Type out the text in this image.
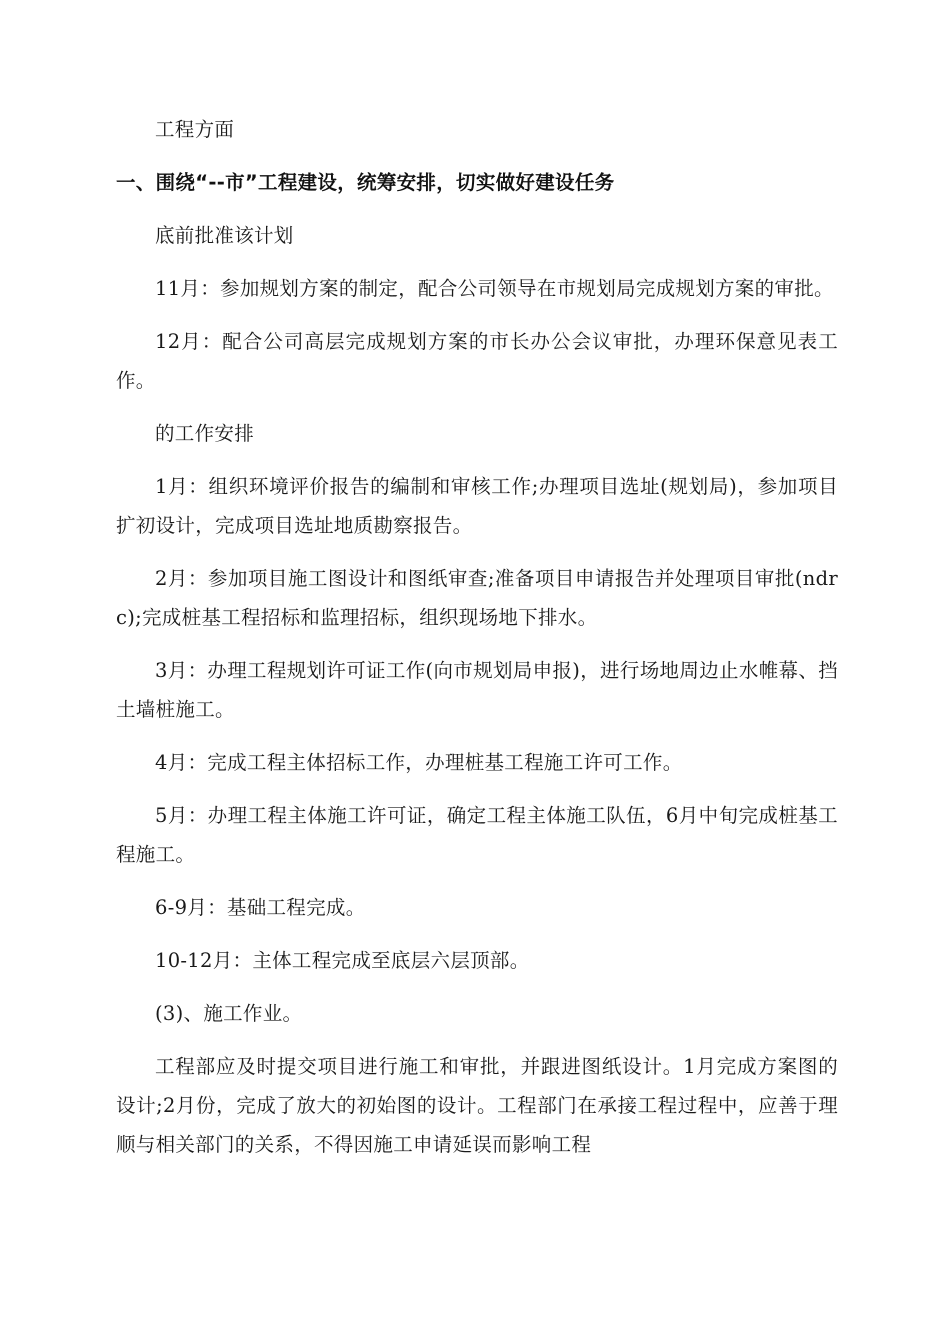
工程方面

一、围绕“--市”工程建设，统筹安排，切实做好建设任务

底前批准该计划

11月：参加规划方案的制定，配合公司领导在市规划局完成规划方案的审批。

12月：配合公司高层完成规划方案的市长办公会议审批，办理环保意见表工作。

的工作安排

1月：组织环境评价报告的编制和审核工作;办理项目选址(规划局)，参加项目扩初设计，完成项目选址地质勘察报告。

2月：参加项目施工图设计和图纸审查;准备项目申请报告并处理项目审批(ndrc);完成桩基工程招标和监理招标，组织现场地下排水。

3月：办理工程规划许可证工作(向市规划局申报)，进行场地周边止水帷幕、挡土墙桩施工。

4月：完成工程主体招标工作，办理桩基工程施工许可工作。

5月：办理工程主体施工许可证，确定工程主体施工队伍，6月中旬完成桩基工程施工。

6-9月：基础工程完成。

10-12月：主体工程完成至底层六层顶部。

(3)、施工作业。

工程部应及时提交项目进行施工和审批，并跟进图纸设计。1月完成方案图的设计;2月份，完成了放大的初始图的设计。工程部门在承接工程过程中，应善于理顺与相关部门的关系，不得因施工申请延误而影响工程
